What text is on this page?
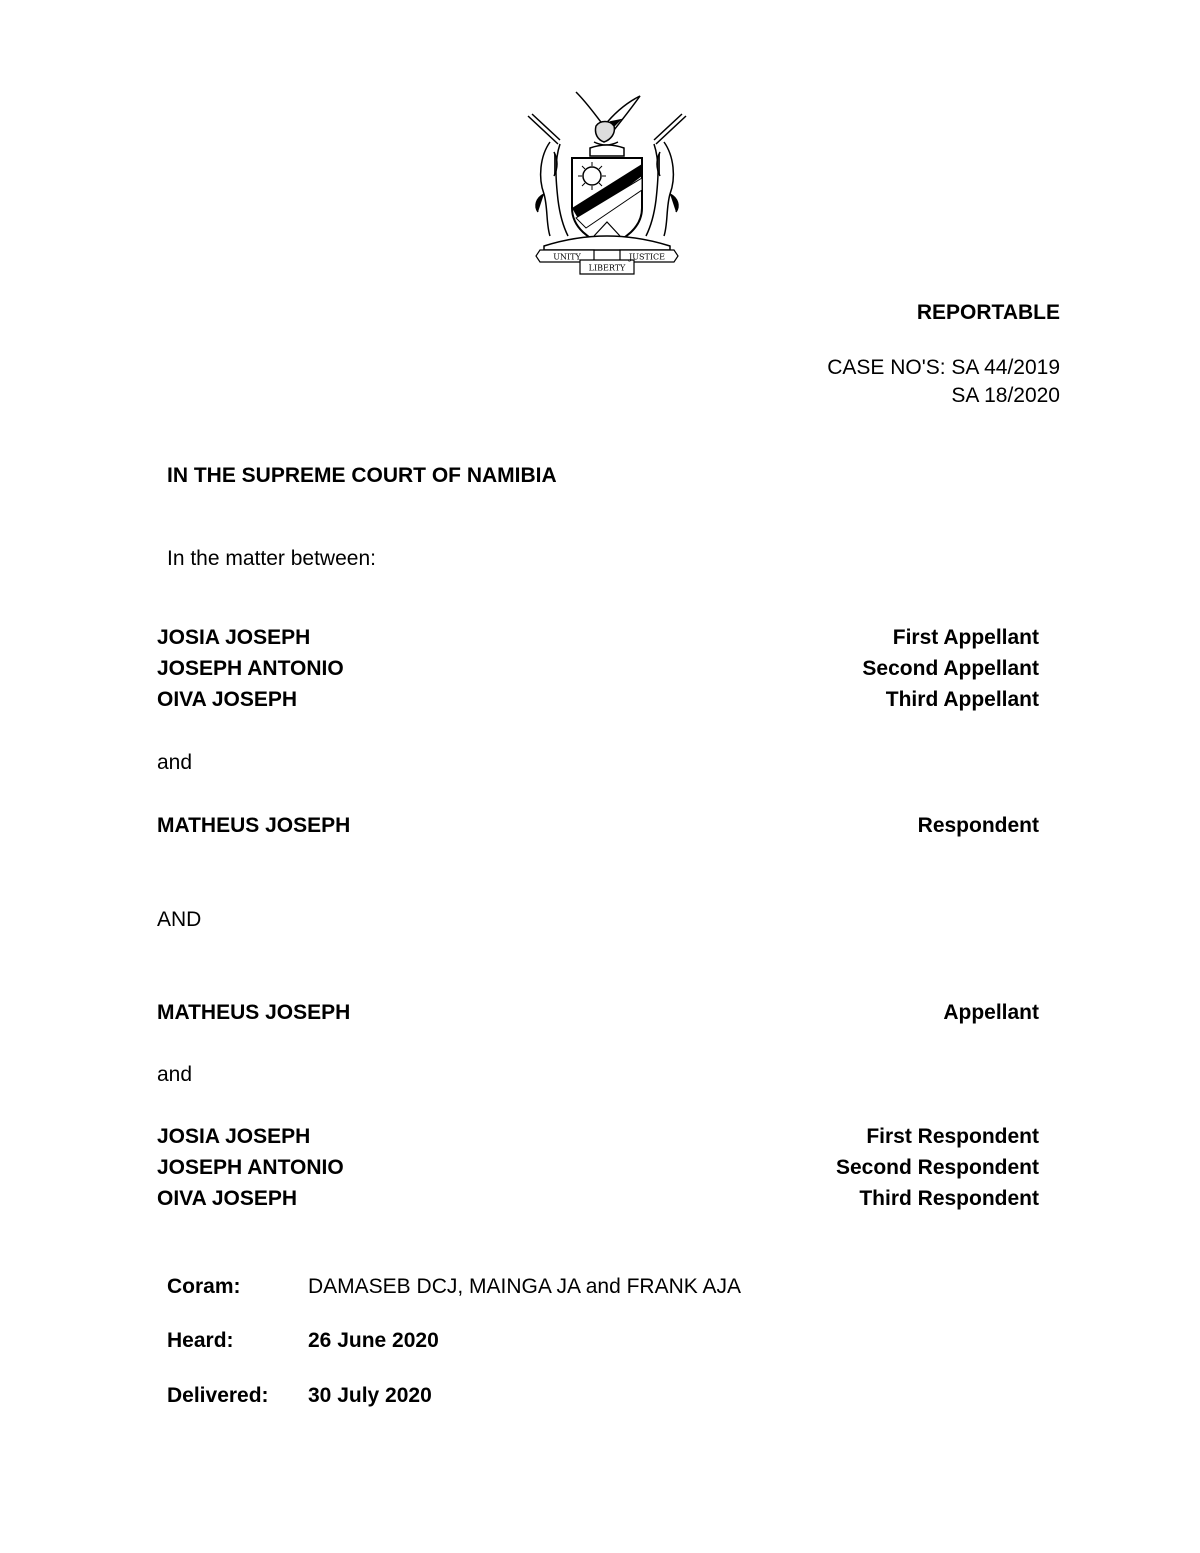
UNITY	JUSTICE
LIBERTY
REPORTABLE
CASE NO'S: SA 44/2019
SA 18/2020
IN THE SUPREME COURT OF NAMIBIA
In the matter between:
JOSIA JOSEPH	First Appellant
JOSEPH ANTONIO	Second Appellant
OIVA JOSEPH	Third Appellant
and
MATHEUS JOSEPH	Respondent
AND
MATHEUS JOSEPH	Appellant
and
JOSIA JOSEPH	First Respondent
JOSEPH ANTONIO	Second Respondent
OIVA JOSEPH	Third Respondent
Coram:	DAMASEB DCJ, MAINGA JA and FRANK AJA
Heard:	26 June 2020
Delivered: 30 July 2020
